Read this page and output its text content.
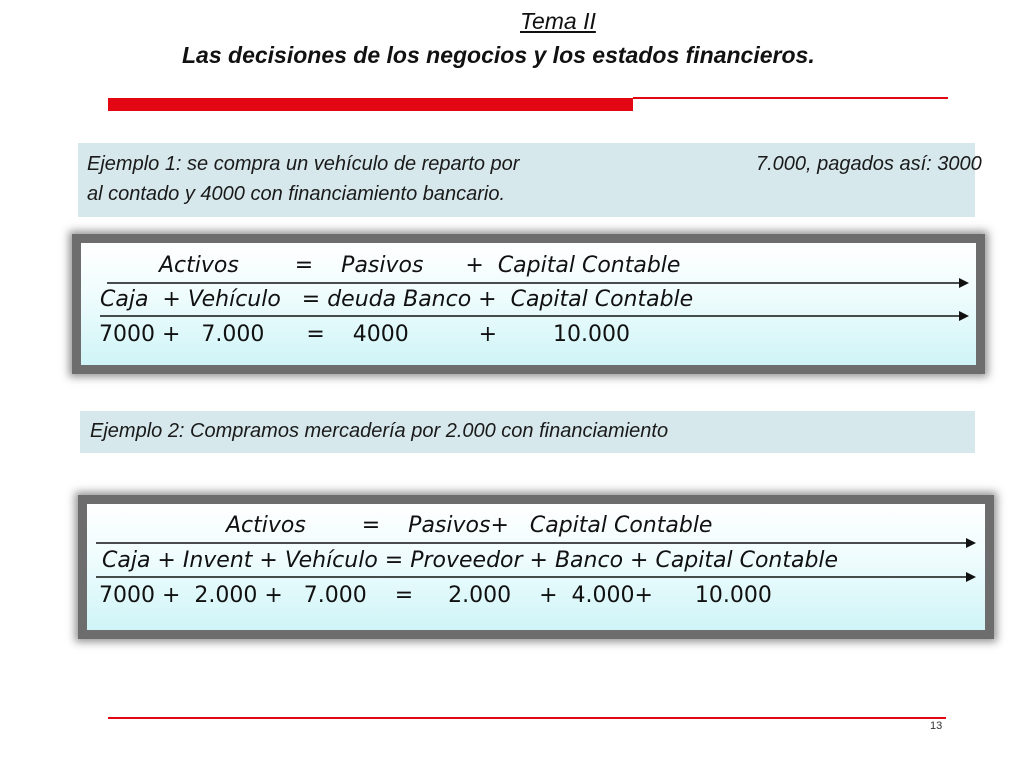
Tema II
Las decisiones de los negocios y los estados financieros.
Ejemplo 1: se compra un vehículo de reparto por	7.000, pagados así: 3000
al contado y 4000 con financiamiento bancario.
Activos        =    Pasivos      +  Capital Contable
Caja  + Vehículo   = deuda Banco +  Capital Contable
7000 +   7.000      =    4000          +        10.000
Ejemplo 2: Compramos mercadería por 2.000 con financiamiento
Activos        =    Pasivos+   Capital Contable
Caja + Invent + Vehículo = Proveedor + Banco + Capital Contable
7000 +  2.000 +   7.000    =     2.000    +  4.000+      10.000
13
